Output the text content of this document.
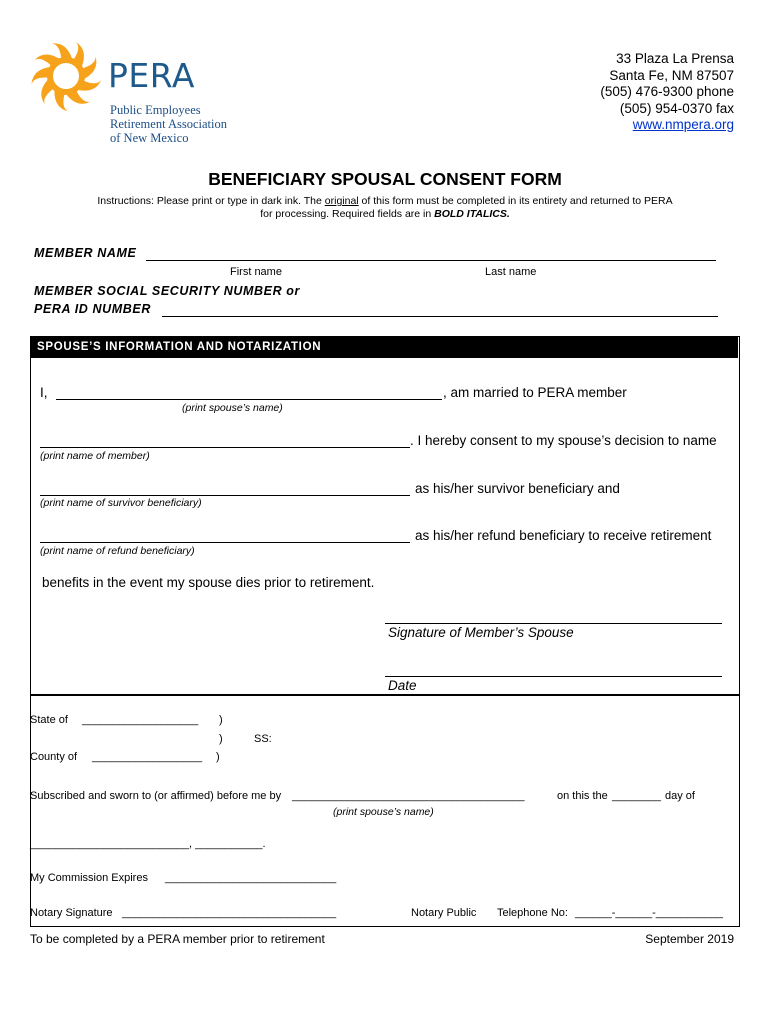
PERA
Public Employees
Retirement Association
of New Mexico
33 Plaza La Prensa
Santa Fe, NM 87507
(505) 476-9300 phone
(505) 954-0370 fax
www.nmpera.org
BENEFICIARY SPOUSAL CONSENT FORM
Instructions: Please print or type in dark ink. The original of this form must be completed in its entirety and returned to PERA
for processing. Required fields are in BOLD ITALICS.
MEMBER NAME
First name	Last name
MEMBER SOCIAL SECURITY NUMBER or
PERA ID NUMBER
SPOUSE’S INFORMATION AND NOTARIZATION
I,	, am married to PERA member
(print spouse’s name)
. I hereby consent to my spouse’s decision to name
(print name of member)
as his/her survivor beneficiary and
(print name of survivor beneficiary)
as his/her refund beneficiary to receive retirement
(print name of refund beneficiary)
benefits in the event my spouse dies prior to retirement.
Signature of Member’s Spouse
Date
State of ___________________ )
)	SS:
County of __________________ )
Subscribed and sworn to (or affirmed) before me by ______________________________________	on this the ________ day of
(print spouse’s name)
__________________________, ___________.
My Commission Expires ____________________________
Notary Signature ___________________________________	Notary Public Telephone No: ______-______-___________
To be completed by a PERA member prior to retirement	September 2019
